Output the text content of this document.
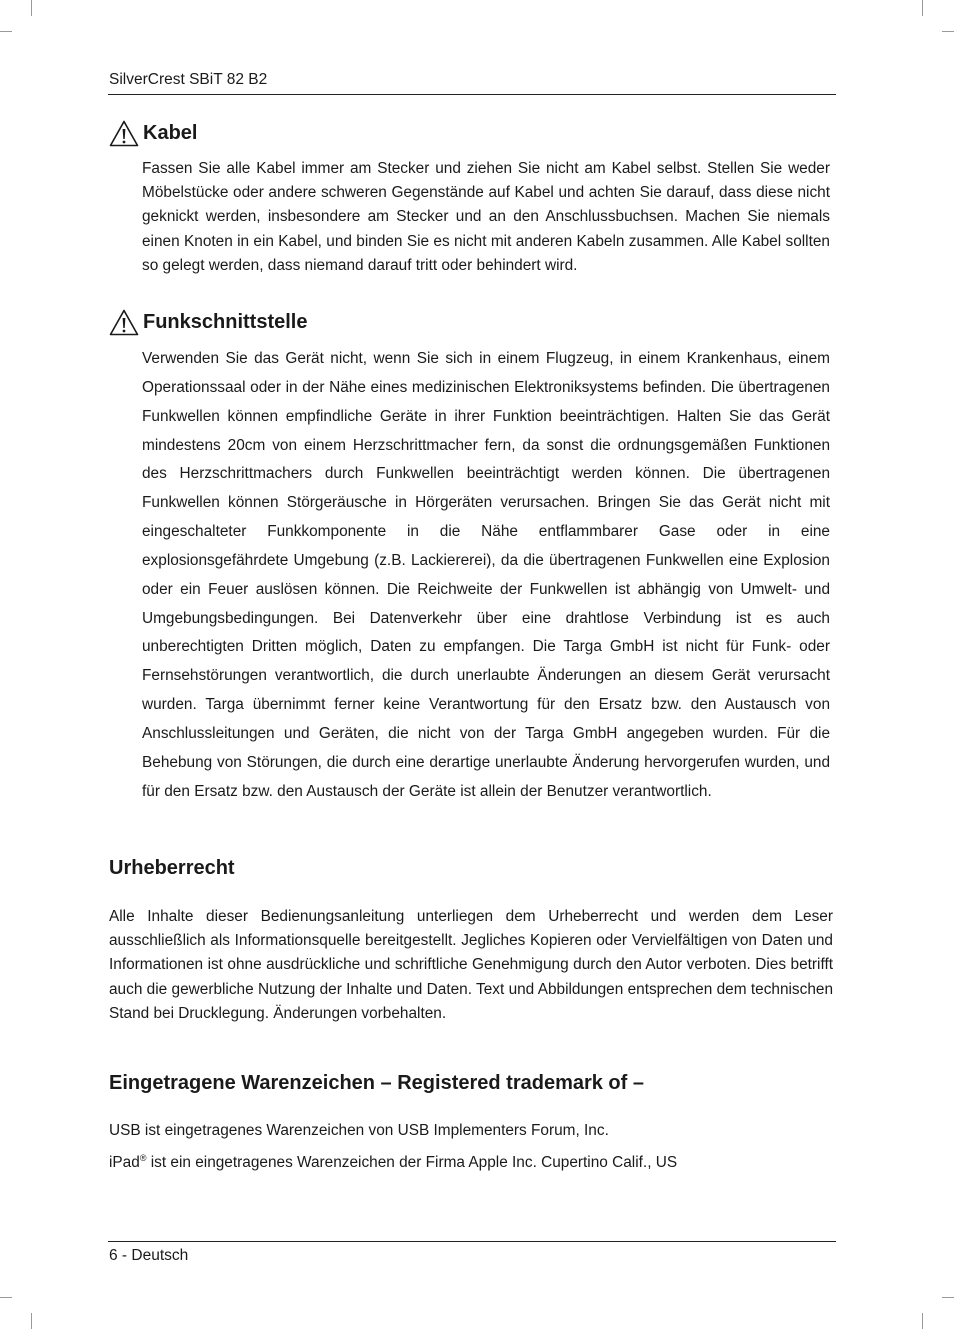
SilverCrest SBiT 82 B2
Kabel

Fassen Sie alle Kabel immer am Stecker und ziehen Sie nicht am Kabel selbst. Stellen Sie weder Möbelstücke oder andere schweren Gegenstände auf Kabel und achten Sie darauf, dass diese nicht geknickt werden, insbesondere am Stecker und an den Anschlussbuchsen. Machen Sie niemals einen Knoten in ein Kabel, und binden Sie es nicht mit anderen Kabeln zusammen. Alle Kabel sollten so gelegt werden, dass niemand darauf tritt oder behindert wird.

Funkschnittstelle

Verwenden Sie das Gerät nicht, wenn Sie sich in einem Flugzeug, in einem Krankenhaus, einem Operationssaal oder in der Nähe eines medizinischen Elektroniksystems befinden. Die übertragenen Funkwellen können empfindliche Geräte in ihrer Funktion beeinträchtigen. Halten Sie das Gerät mindestens 20cm von einem Herzschrittmacher fern, da sonst die ordnungsgemäßen Funktionen des Herzschrittmachers durch Funkwellen beeinträchtigt werden können. Die übertragenen Funkwellen können Störgeräusche in Hörgeräten verursachen. Bringen Sie das Gerät nicht mit eingeschalteter Funkkomponente in die Nähe entflammbarer Gase oder in eine explosionsgefährdete Umgebung (z.B. Lackiererei), da die übertragenen Funkwellen eine Explosion oder ein Feuer auslösen können. Die Reichweite der Funkwellen ist abhängig von Umwelt- und Umgebungsbedingungen. Bei Datenverkehr über eine drahtlose Verbindung ist es auch unberechtigten Dritten möglich, Daten zu empfangen. Die Targa GmbH ist nicht für Funk- oder Fernsehstörungen verantwortlich, die durch unerlaubte Änderungen an diesem Gerät verursacht wurden. Targa übernimmt ferner keine Verantwortung für den Ersatz bzw. den Austausch von Anschlussleitungen und Geräten, die nicht von der Targa GmbH angegeben wurden. Für die Behebung von Störungen, die durch eine derartige unerlaubte Änderung hervorgerufen wurden, und für den Ersatz bzw. den Austausch der Geräte ist allein der Benutzer verantwortlich.

Urheberrecht

Alle Inhalte dieser Bedienungsanleitung unterliegen dem Urheberrecht und werden dem Leser ausschließlich als Informationsquelle bereitgestellt. Jegliches Kopieren oder Vervielfältigen von Daten und Informationen ist ohne ausdrückliche und schriftliche Genehmigung durch den Autor verboten. Dies betrifft auch die gewerbliche Nutzung der Inhalte und Daten. Text und Abbildungen entsprechen dem technischen Stand bei Drucklegung. Änderungen vorbehalten.

Eingetragene Warenzeichen – Registered trademark of –

USB ist eingetragenes Warenzeichen von USB Implementers Forum, Inc.

iPad® ist ein eingetragenes Warenzeichen der Firma Apple Inc. Cupertino Calif., US

6 - Deutsch
